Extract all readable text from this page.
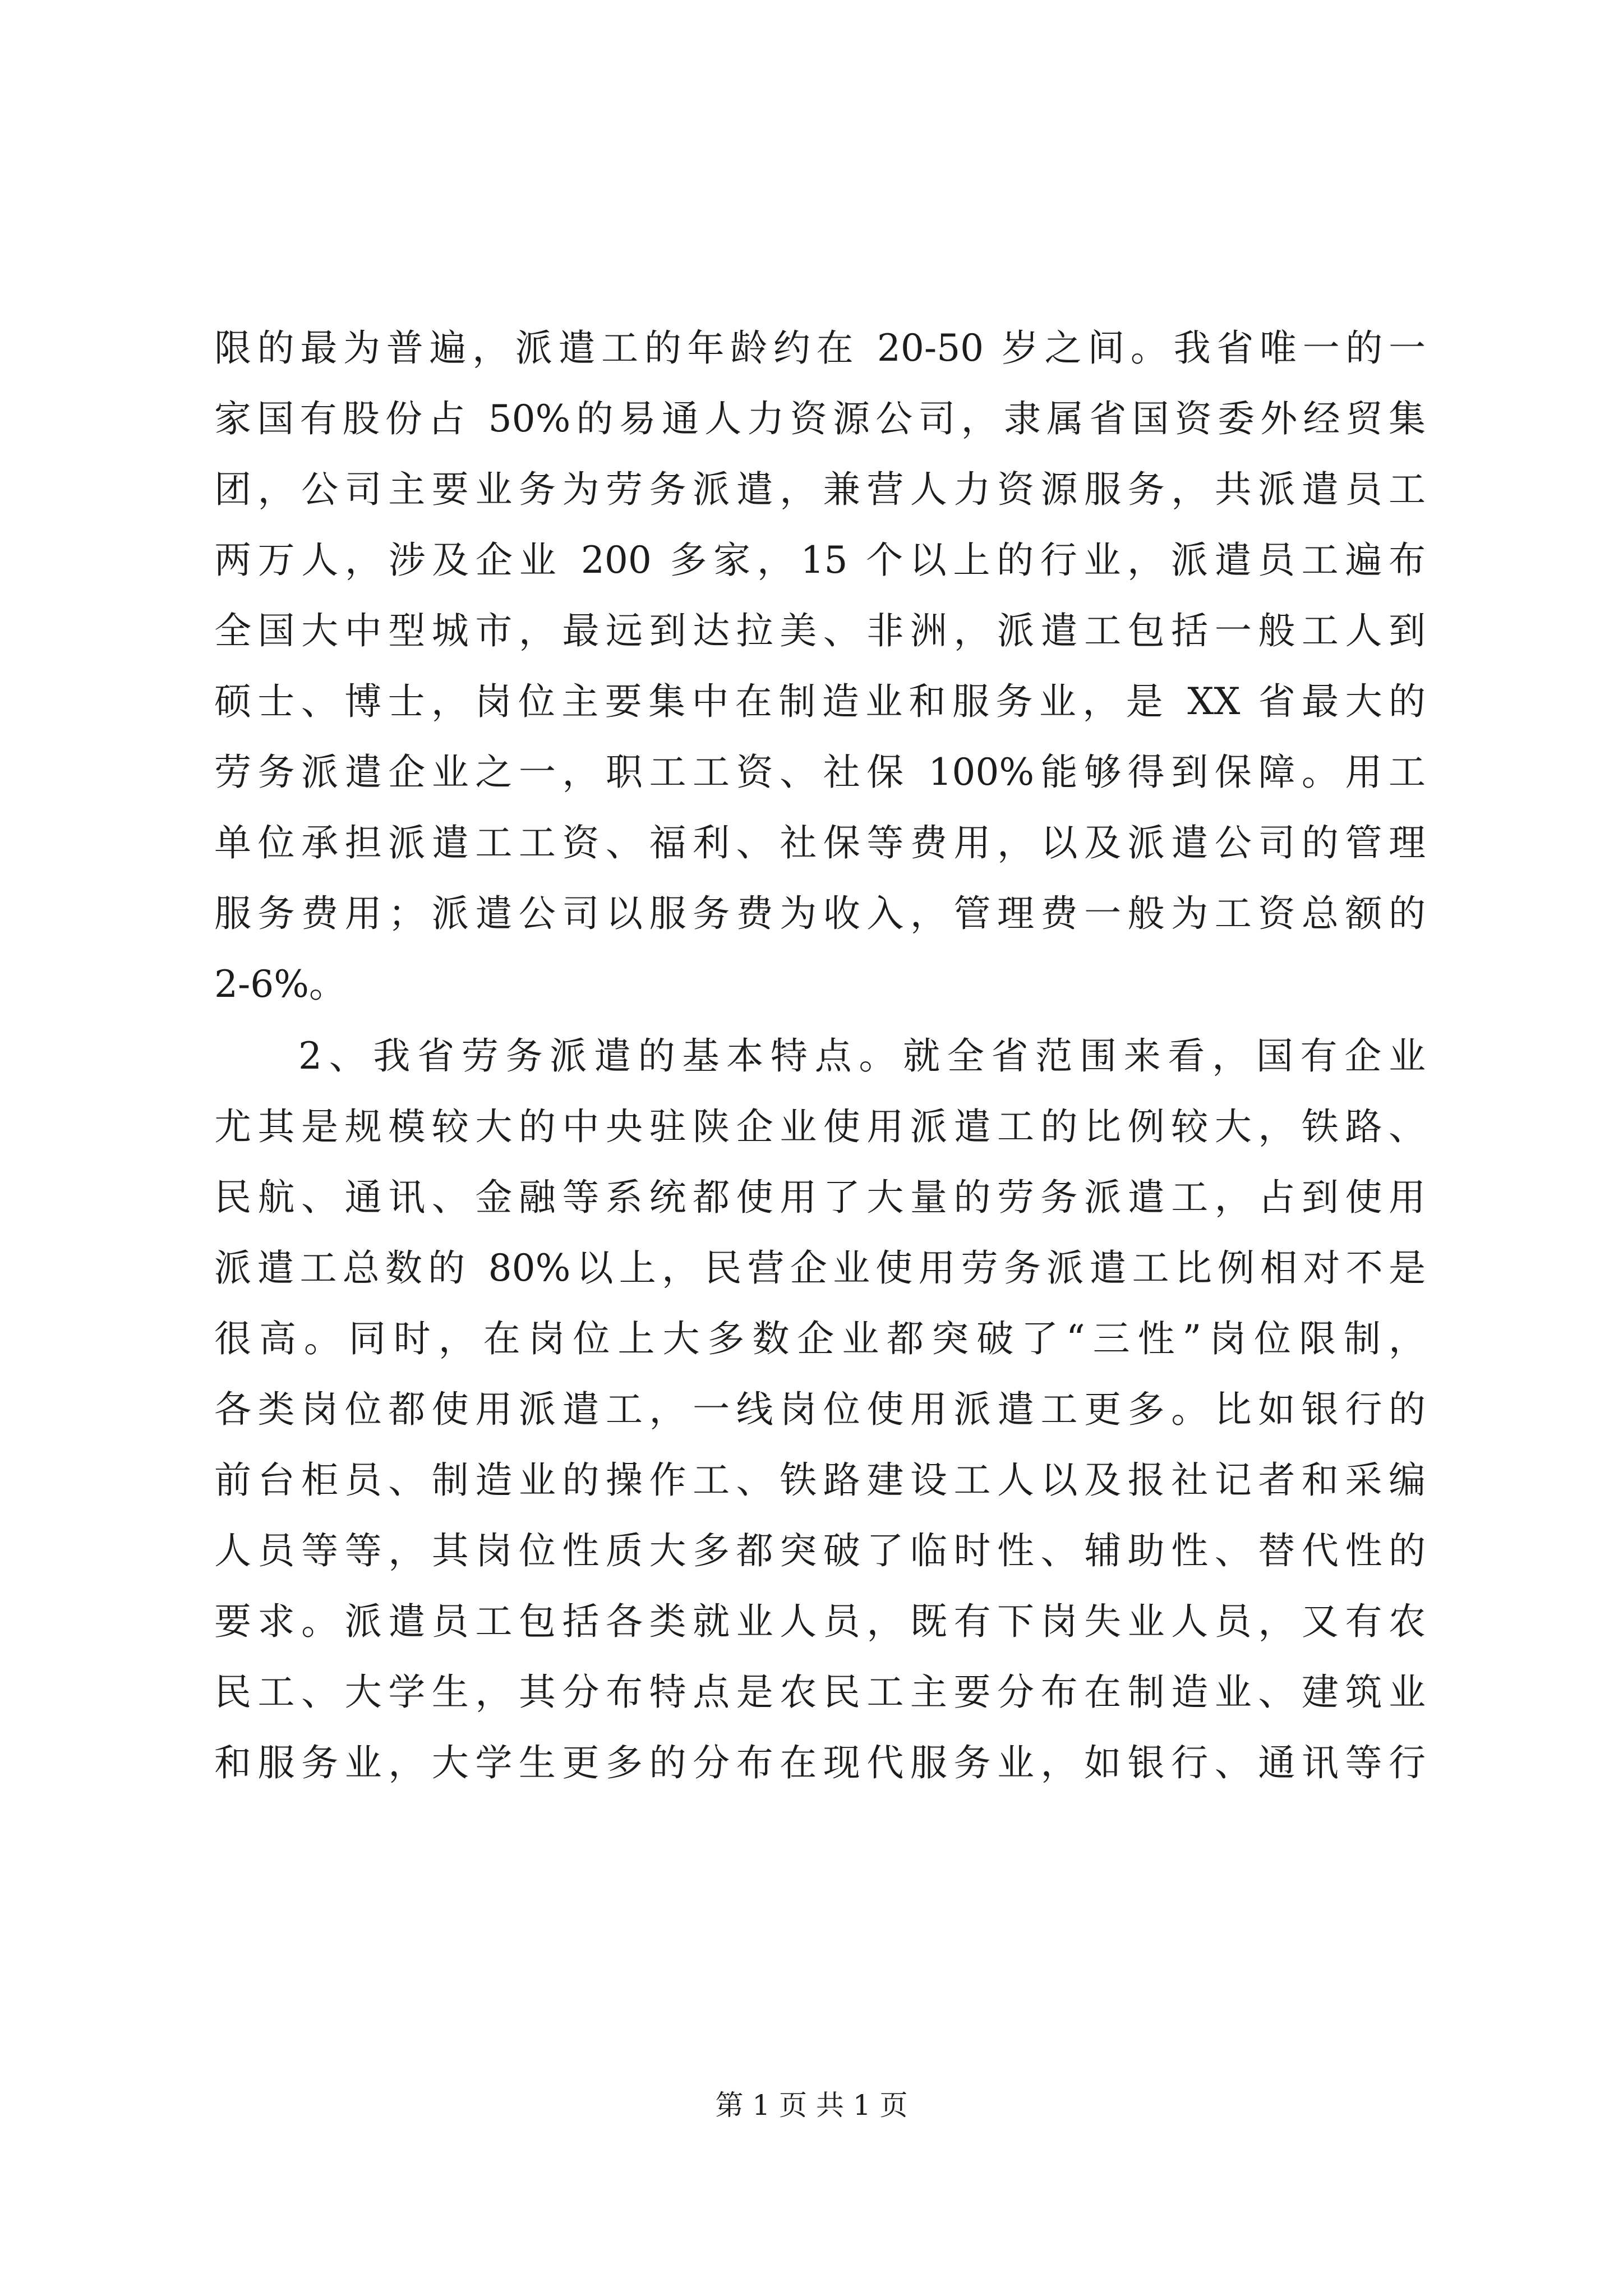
限的最为普遍，派遣工的年龄约在 20-50 岁之间。我省唯一的一
家国有股份占 50%的易通人力资源公司，隶属省国资委外经贸集
团，公司主要业务为劳务派遣，兼营人力资源服务，共派遣员工
两万人，涉及企业 200 多家，15 个以上的行业，派遣员工遍布
全国大中型城市，最远到达拉美、非洲，派遣工包括一般工人到
硕士、博士，岗位主要集中在制造业和服务业，是 XX 省最大的
劳务派遣企业之一，职工工资、社保 100%能够得到保障。用工
单位承担派遣工工资、福利、社保等费用，以及派遣公司的管理
服务费用；派遣公司以服务费为收入，管理费一般为工资总额的
2-6%。
2、我省劳务派遣的基本特点。就全省范围来看，国有企业
尤其是规模较大的中央驻陕企业使用派遣工的比例较大，铁路、
民航、通讯、金融等系统都使用了大量的劳务派遣工，占到使用
派遣工总数的 80%以上，民营企业使用劳务派遣工比例相对不是
很高。同时，在岗位上大多数企业都突破了“三性”岗位限制，
各类岗位都使用派遣工，一线岗位使用派遣工更多。比如银行的
前台柜员、制造业的操作工、铁路建设工人以及报社记者和采编
人员等等，其岗位性质大多都突破了临时性、辅助性、替代性的
要求。派遣员工包括各类就业人员，既有下岗失业人员，又有农
民工、大学生，其分布特点是农民工主要分布在制造业、建筑业
和服务业，大学生更多的分布在现代服务业，如银行、通讯等行
第 1 页 共 1 页
